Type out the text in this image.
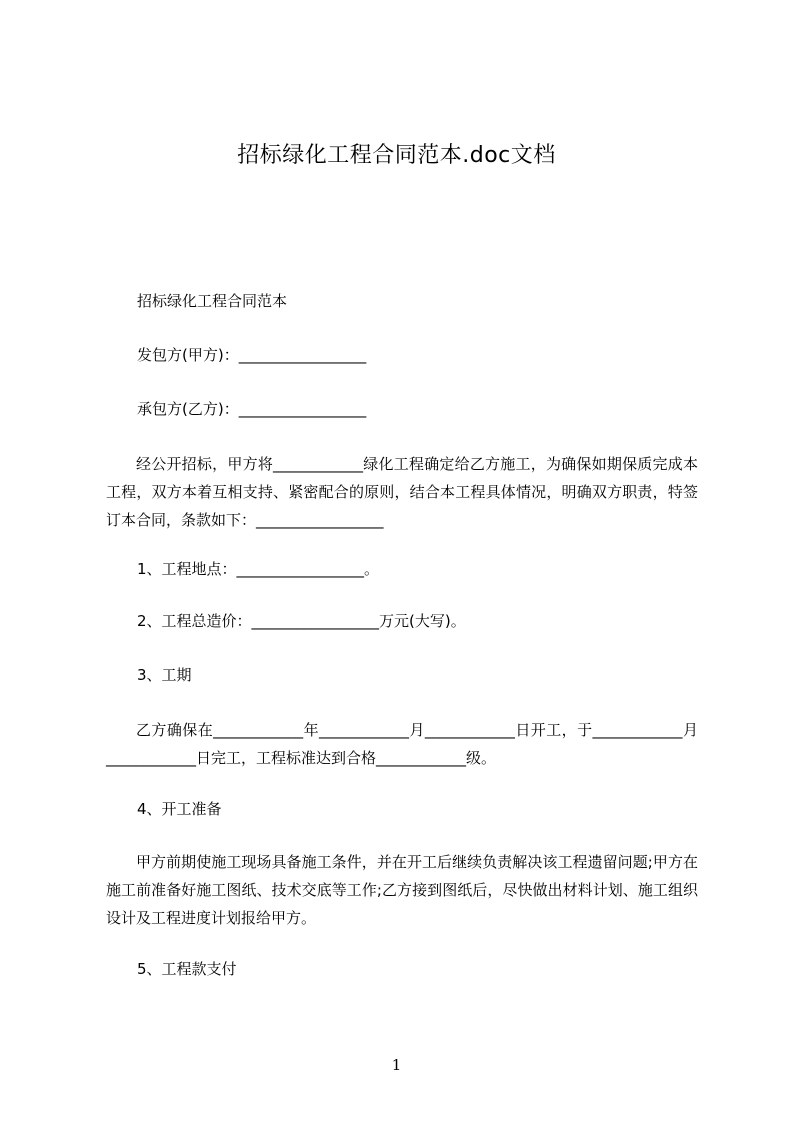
招标绿化工程合同范本.doc文档

招标绿化工程合同范本

发包方(甲方)：_________________

承包方(乙方)：_________________

经公开招标，甲方将____________绿化工程确定给乙方施工，为确保如期保质完成本工程，双方本着互相支持、紧密配合的原则，结合本工程具体情况，明确双方职责，特签订本合同，条款如下：_________________

1、工程地点：_________________。

2、工程总造价：_________________万元(大写)。

3、工期

乙方确保在____________年____________月____________日开工，于____________月____________日完工，工程标准达到合格____________级。

4、开工准备

甲方前期使施工现场具备施工条件，并在开工后继续负责解决该工程遗留问题;甲方在施工前准备好施工图纸、技术交底等工作;乙方接到图纸后，尽快做出材料计划、施工组织设计及工程进度计划报给甲方。

5、工程款支付

1
